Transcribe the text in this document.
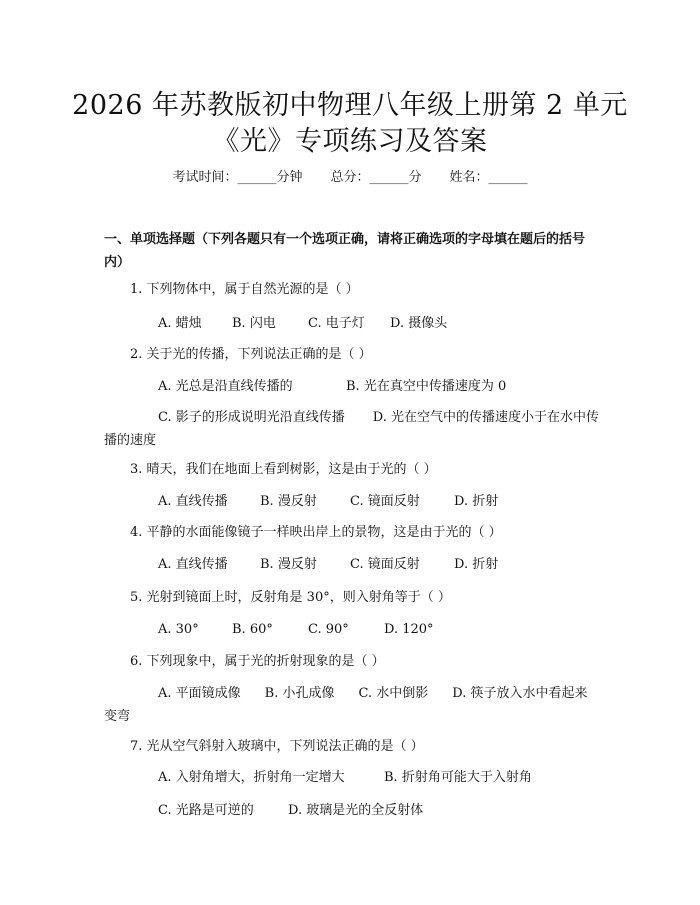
2026 年苏教版初中物理八年级上册第 2 单元
《光》专项练习及答案
考试时间：______分钟 总分：______分 姓名：______
一、单项选择题（下列各题只有一个选项正确，请将正确选项的字母填在题后的括号内）
1. 下列物体中，属于自然光源的是（ ）
A. 蜡烛 B. 闪电 C. 电子灯 D. 摄像头
2. 关于光的传播，下列说法正确的是（ ）
A. 光总是沿直线传播的	B. 光在真空中传播速度为 0
C. 影子的形成说明光沿直线传播 D. 光在空气中的传播速度小于在水中传播的速度
3. 晴天，我们在地面上看到树影，这是由于光的（ ）
A. 直线传播 B. 漫反射	C. 镜面反射	D. 折射
4. 平静的水面能像镜子一样映出岸上的景物，这是由于光的（ ）
A. 直线传播 B. 漫反射	C. 镜面反射	D. 折射
5. 光射到镜面上时，反射角是 30°，则入射角等于（ ）
A. 30°	B. 60°	C. 90°	D. 120°
6. 下列现象中，属于光的折射现象的是（ ）
A. 平面镜成像 B. 小孔成像 C. 水中倒影 D. 筷子放入水中看起来变弯
7. 光从空气斜射入玻璃中，下列说法正确的是（ ）
A. 入射角增大，折射角一定增大	B. 折射角可能大于入射角
C. 光路是可逆的	D. 玻璃是光的全反射体
